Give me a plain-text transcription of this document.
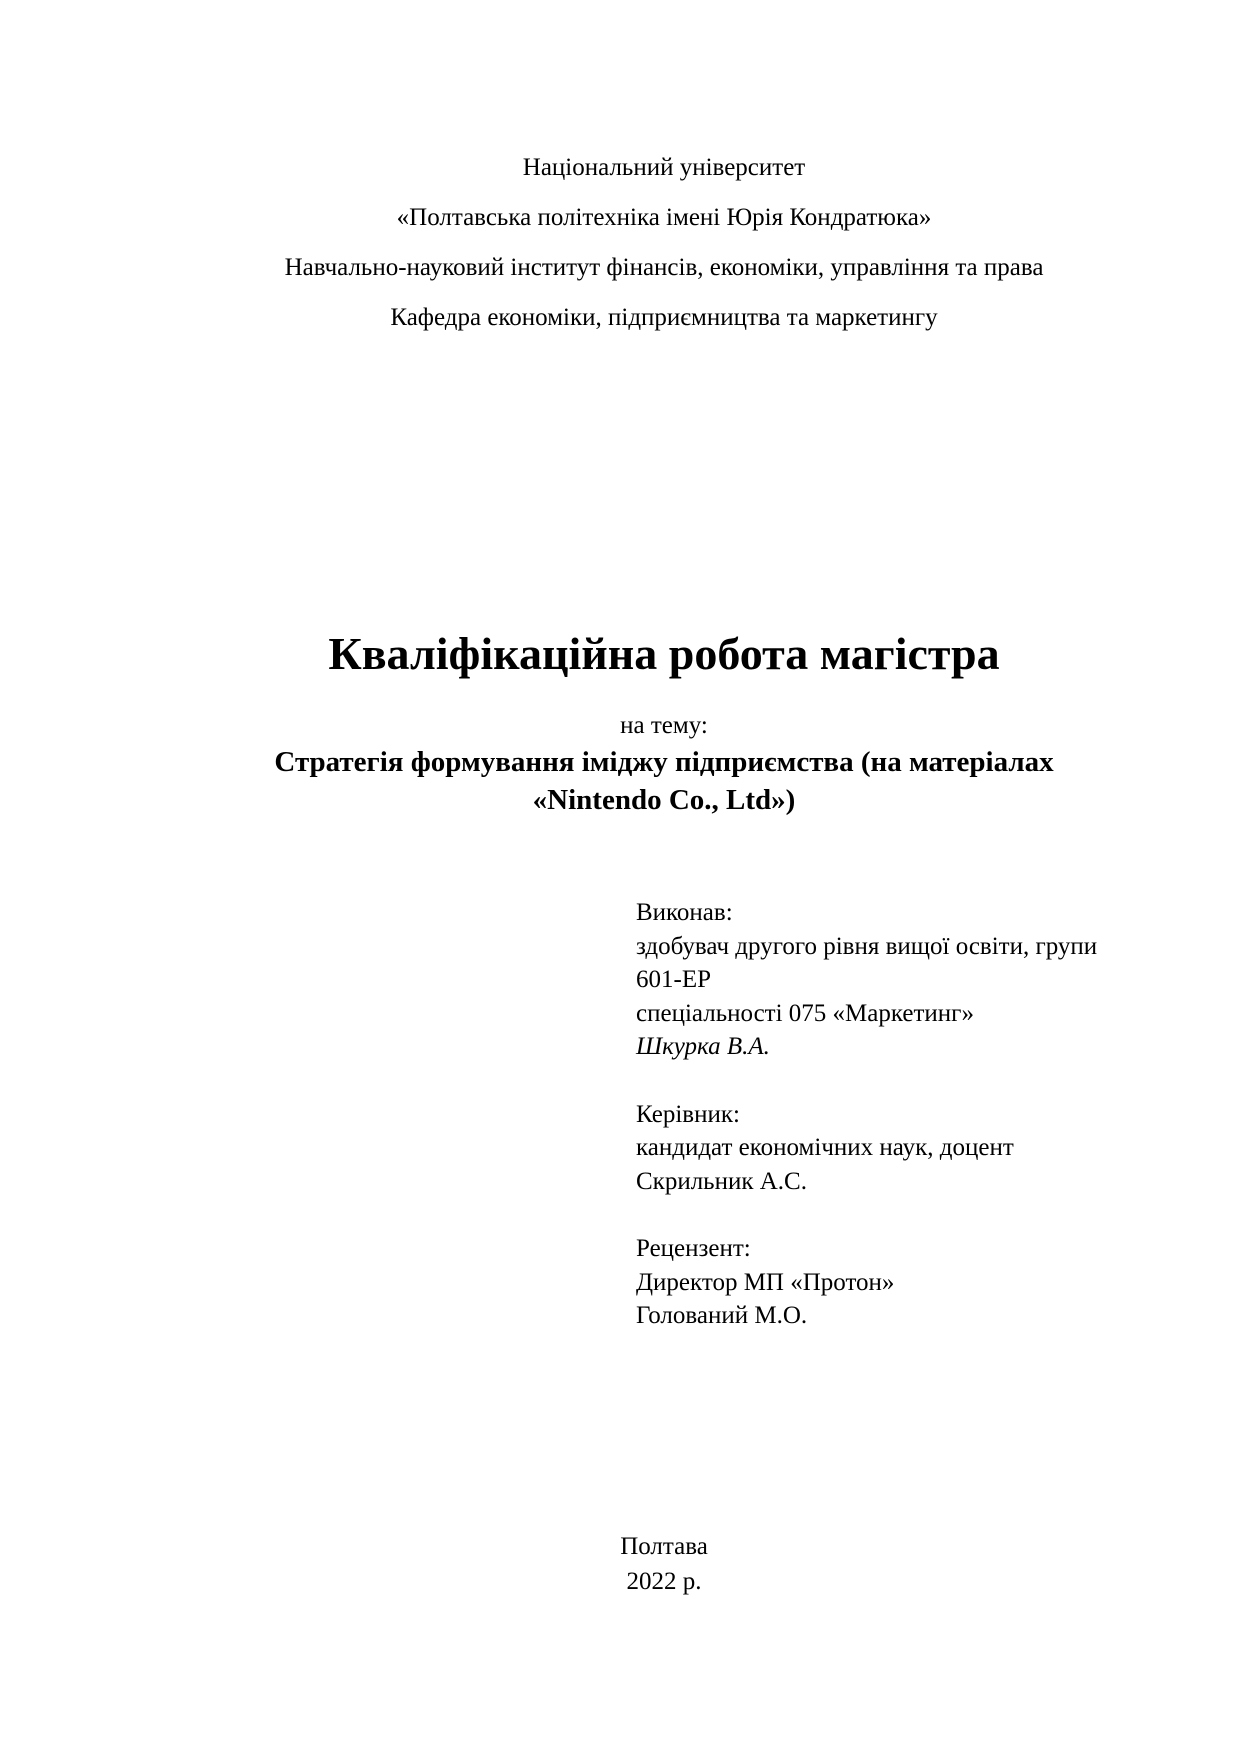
Національний університет
«Полтавська політехніка імені Юрія Кондратюка»
Навчально-науковий інститут фінансів, економіки, управління та права
Кафедра економіки, підприємництва та маркетингу
Кваліфікаційна робота магістра
на тему:
Стратегія формування іміджу підприємства (на матеріалах
«Nintendo Co., Ltd»)
Виконав:
здобувач другого рівня вищої освіти, групи
601-ЕР
спеціальності 075 «Маркетинг»
Шкурка В.А.
Керівник:
кандидат економічних наук, доцент
Скрильник А.С.
Рецензент:
Директор МП «Протон»
Голований М.О.
Полтава
2022 р.
